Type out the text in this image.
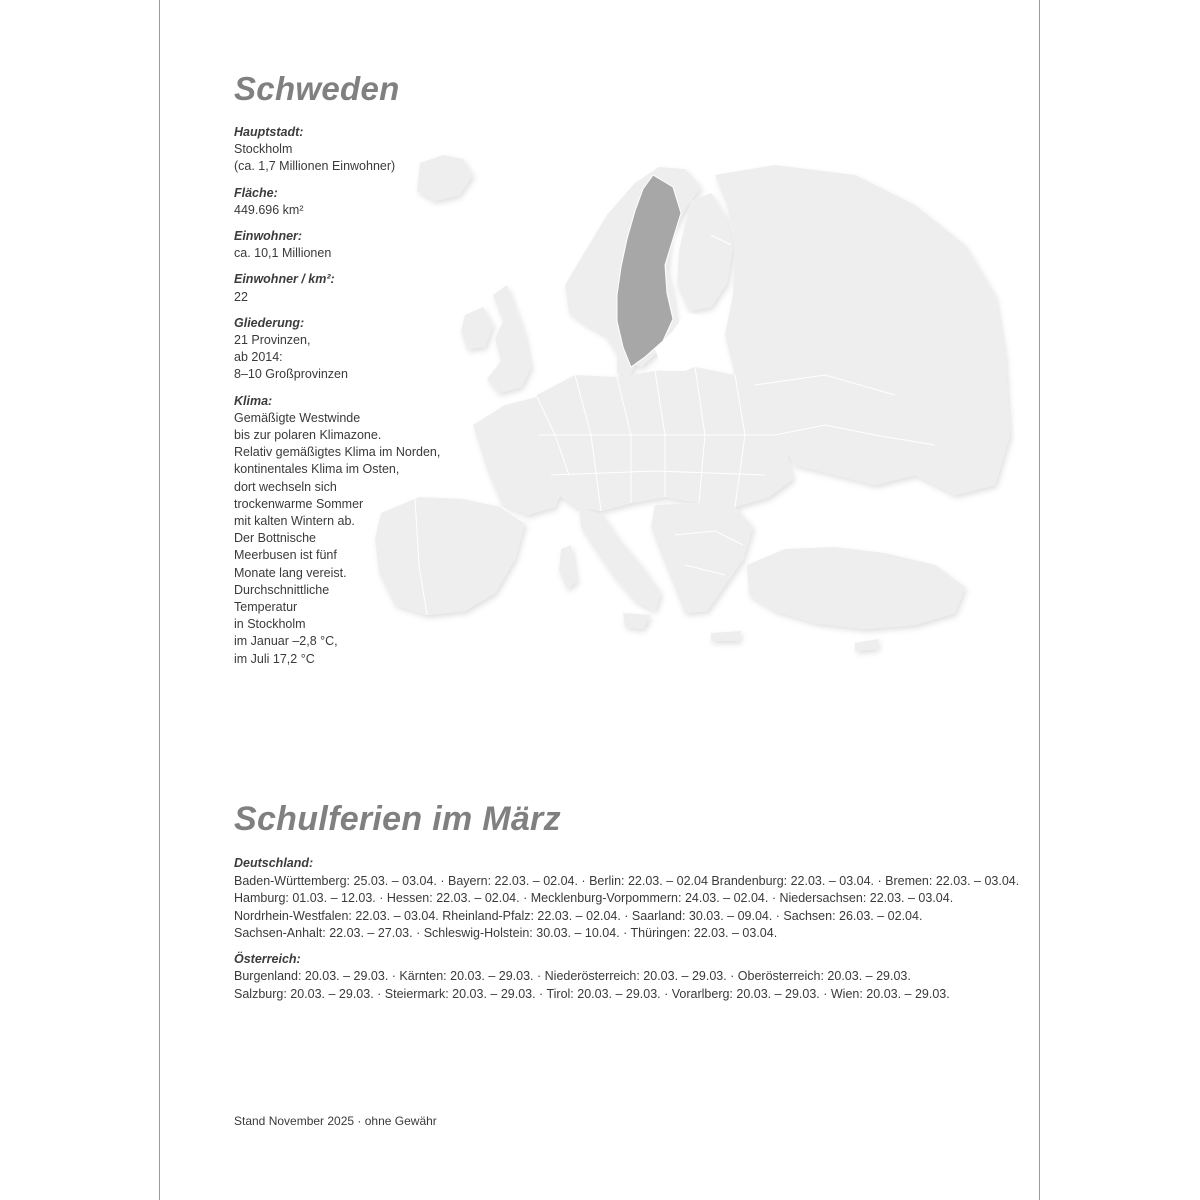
Schweden
Hauptstadt:
Stockholm
(ca. 1,7 Millionen Einwohner)
Fläche:
449.696 km²
Einwohner:
ca. 10,1 Millionen
Einwohner / km²:
22
Gliederung:
21 Provinzen,
ab 2014:
8–10 Großprovinzen
Klima:
Gemäßigte Westwinde
bis zur polaren Klimazone.
Relativ gemäßigtes Klima im Norden,
kontinentales Klima im Osten,
dort wechseln sich
trockenwarme Sommer
mit kalten Wintern ab.
Der Bottnische
Meerbusen ist fünf
Monate lang vereist.
Durchschnittliche
Temperatur
in Stockholm
im Januar –2,8 °C,
im Juli 17,2 °C
Schulferien im März
Deutschland:
Baden-Württemberg: 25.03. – 03.04. · Bayern: 22.03. – 02.04. · Berlin: 22.03. – 02.04 Brandenburg: 22.03. – 03.04. · Bremen: 22.03. – 03.04.
Hamburg: 01.03. – 12.03. · Hessen: 22.03. – 02.04. · Mecklenburg-Vorpommern: 24.03. – 02.04. · Niedersachsen: 22.03. – 03.04.
Nordrhein-Westfalen: 22.03. – 03.04. Rheinland-Pfalz: 22.03. – 02.04. · Saarland: 30.03. – 09.04. · Sachsen: 26.03. – 02.04.
Sachsen-Anhalt: 22.03. – 27.03. · Schleswig-Holstein: 30.03. – 10.04. · Thüringen: 22.03. – 03.04.
Österreich:
Burgenland: 20.03. – 29.03. · Kärnten: 20.03. – 29.03. · Niederösterreich: 20.03. – 29.03. · Oberösterreich: 20.03. – 29.03.
Salzburg: 20.03. – 29.03. · Steiermark: 20.03. – 29.03. · Tirol: 20.03. – 29.03. · Vorarlberg: 20.03. – 29.03. · Wien: 20.03. – 29.03.
Stand November 2025 · ohne Gewähr
